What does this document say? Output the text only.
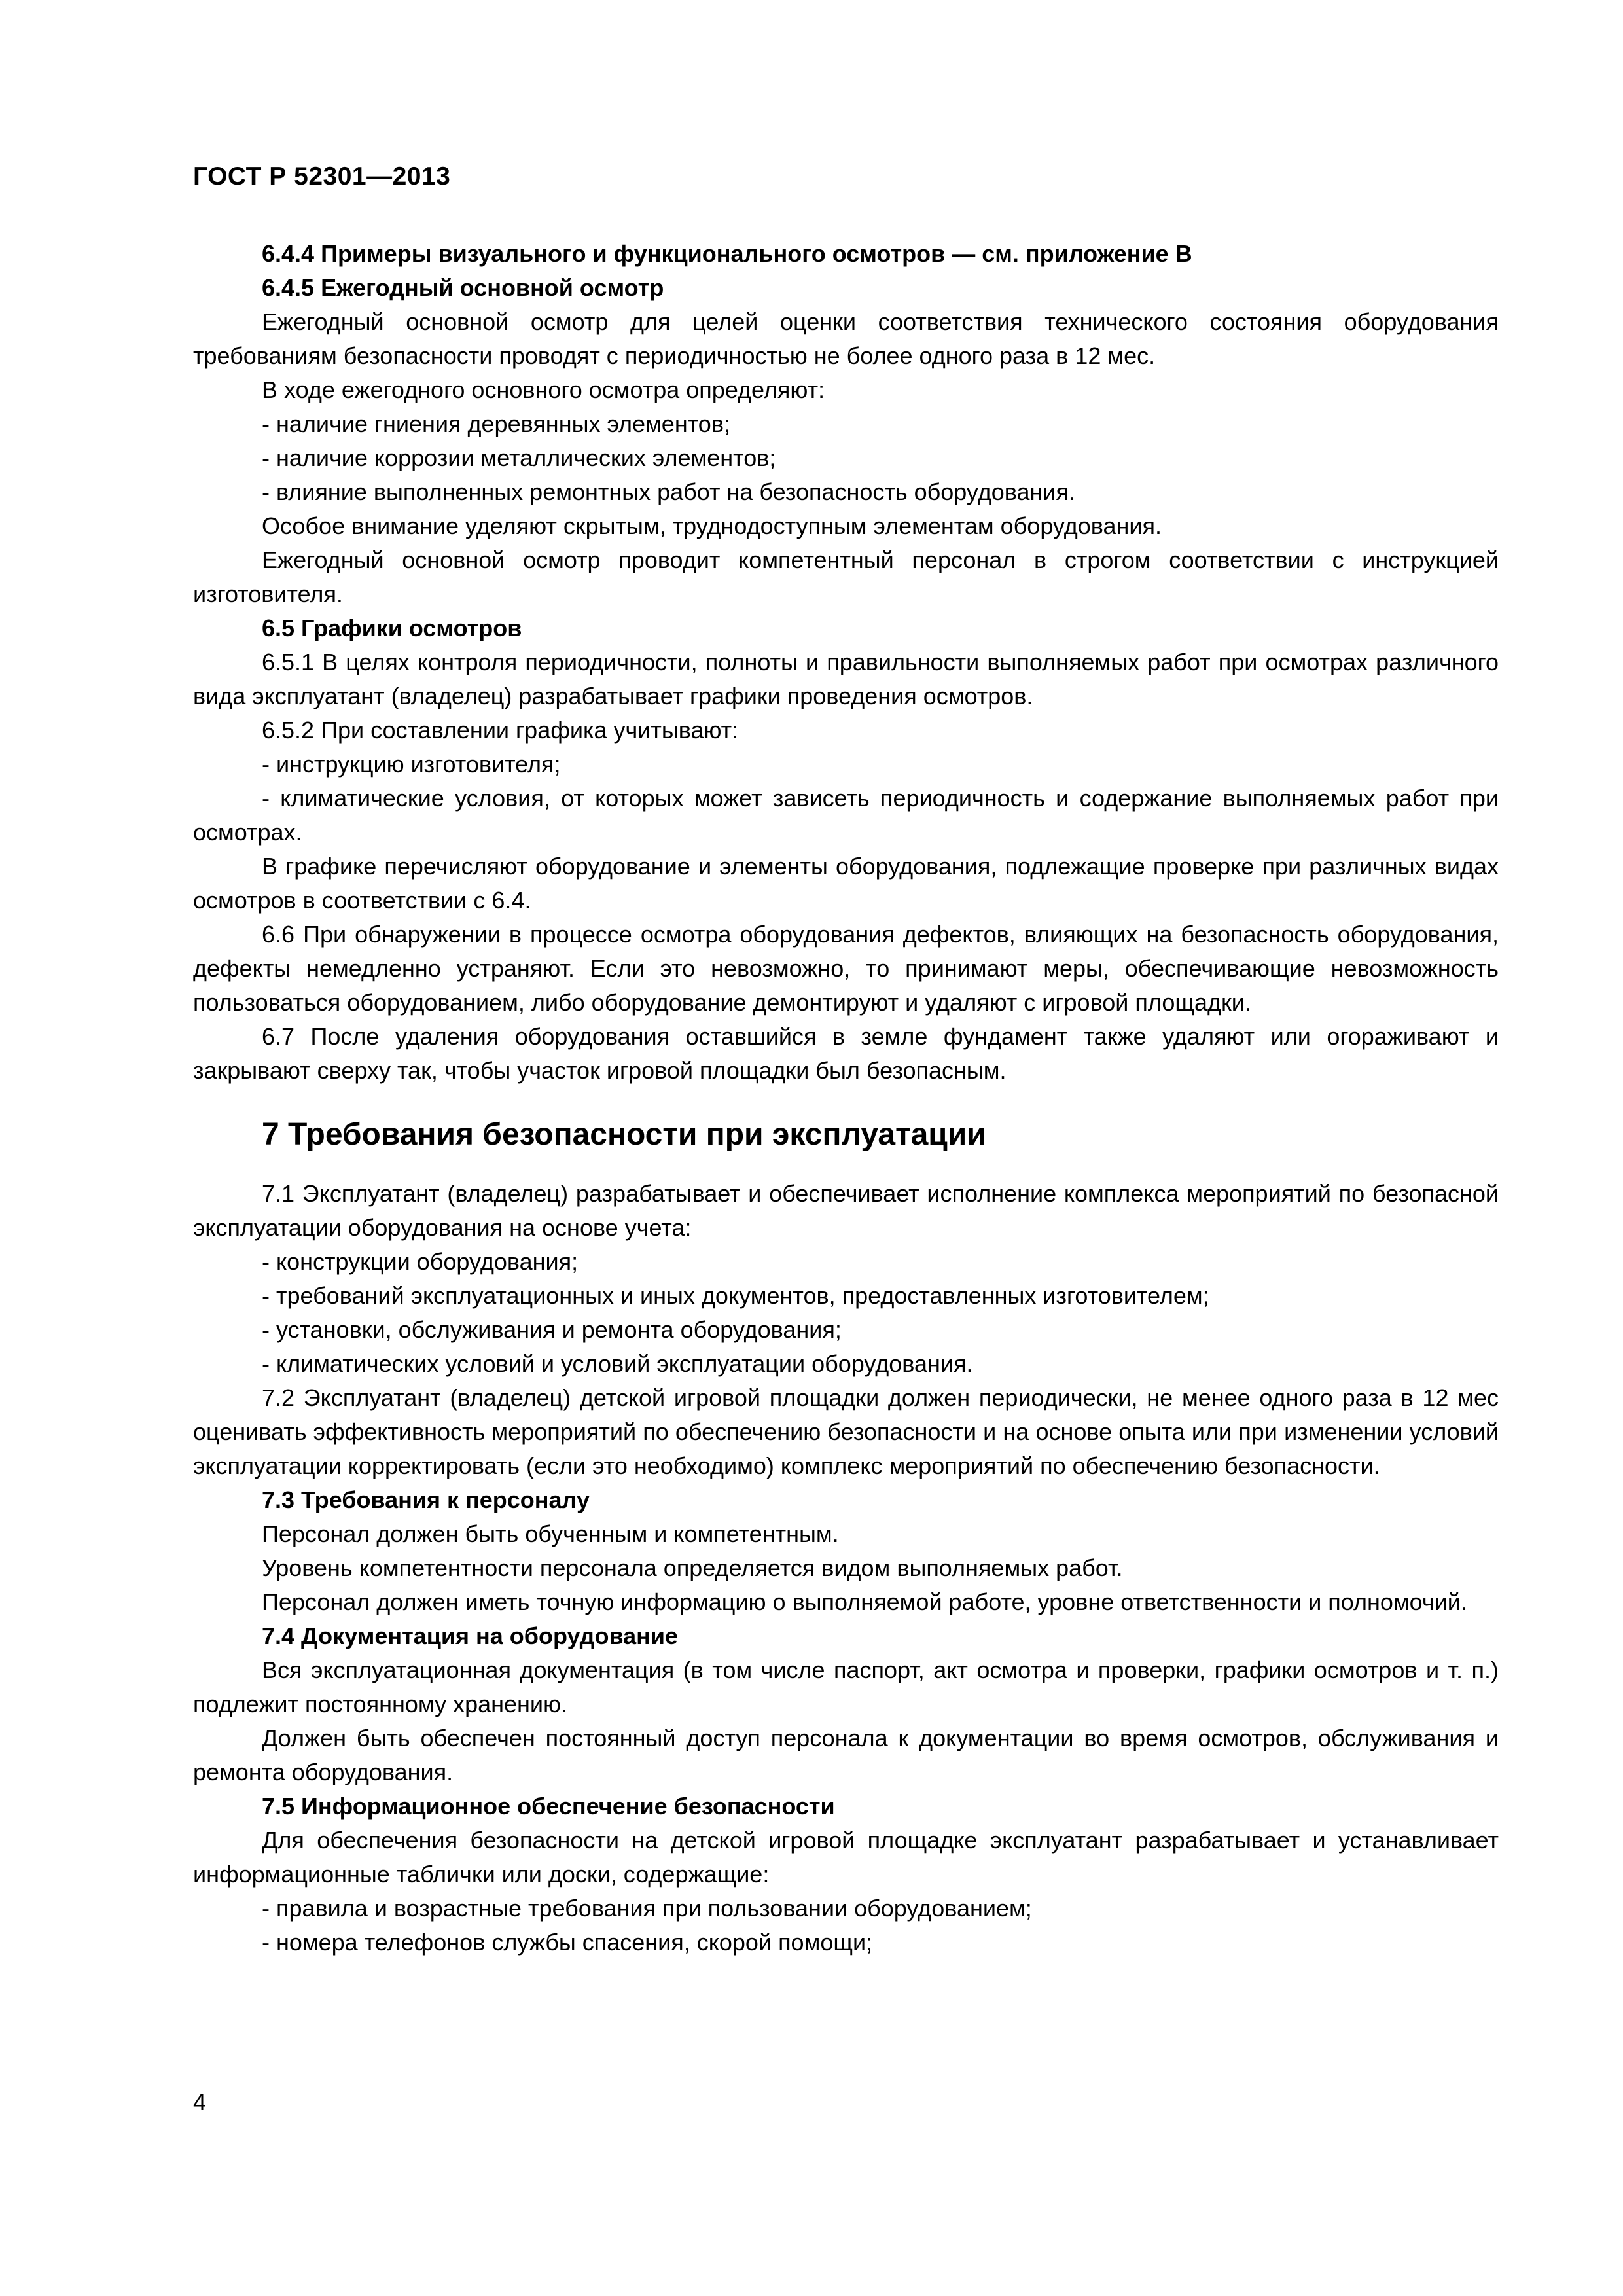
ГОСТ Р 52301—2013

6.4.4 Примеры визуального и функционального осмотров — см. приложение В

6.4.5 Ежегодный основной осмотр

Ежегодный основной осмотр для целей оценки соответствия технического состояния оборудования требованиям безопасности проводят с периодичностью не более одного раза в 12 мес.

В ходе ежегодного основного осмотра определяют:

- наличие гниения деревянных элементов;

- наличие коррозии металлических элементов;

- влияние выполненных ремонтных работ на безопасность оборудования.

Особое внимание уделяют скрытым, труднодоступным элементам оборудования.

Ежегодный основной осмотр проводит компетентный персонал в строгом соответствии с инструкцией изготовителя.

6.5 Графики осмотров

6.5.1 В целях контроля периодичности, полноты и правильности выполняемых работ при осмотрах различного вида эксплуатант (владелец) разрабатывает графики проведения осмотров.

6.5.2 При составлении графика учитывают:

- инструкцию изготовителя;

- климатические условия, от которых может зависеть периодичность и содержание выполняемых работ при осмотрах.

В графике перечисляют оборудование и элементы оборудования, подлежащие проверке при различных видах осмотров в соответствии с 6.4.

6.6 При обнаружении в процессе осмотра оборудования дефектов, влияющих на безопасность оборудования, дефекты немедленно устраняют. Если это невозможно, то принимают меры, обеспечивающие невозможность пользоваться оборудованием, либо оборудование демонтируют и удаляют с игровой площадки.

6.7 После удаления оборудования оставшийся в земле фундамент также удаляют или огораживают и закрывают сверху так, чтобы участок игровой площадки был безопасным.

7 Требования безопасности при эксплуатации

7.1 Эксплуатант (владелец) разрабатывает и обеспечивает исполнение комплекса мероприятий по безопасной эксплуатации оборудования на основе учета:

- конструкции оборудования;

- требований эксплуатационных и иных документов, предоставленных изготовителем;

- установки, обслуживания и ремонта оборудования;

- климатических условий и условий эксплуатации оборудования.

7.2 Эксплуатант (владелец) детской игровой площадки должен периодически, не менее одного раза в 12 мес оценивать эффективность мероприятий по обеспечению безопасности и на основе опыта или при изменении условий эксплуатации корректировать (если это необходимо) комплекс мероприятий по обеспечению безопасности.

7.3 Требования к персоналу

Персонал должен быть обученным и компетентным.

Уровень компетентности персонала определяется видом выполняемых работ.

Персонал должен иметь точную информацию о выполняемой работе, уровне ответственности и полномочий.

7.4 Документация на оборудование

Вся эксплуатационная документация (в том числе паспорт, акт осмотра и проверки, графики осмотров и т. п.) подлежит постоянному хранению.

Должен быть обеспечен постоянный доступ персонала к документации во время осмотров, обслуживания и ремонта оборудования.

7.5 Информационное обеспечение безопасности

Для обеспечения безопасности на детской игровой площадке эксплуатант разрабатывает и устанавливает информационные таблички или доски, содержащие:

- правила и возрастные требования при пользовании оборудованием;

- номера телефонов службы спасения, скорой помощи;

4
